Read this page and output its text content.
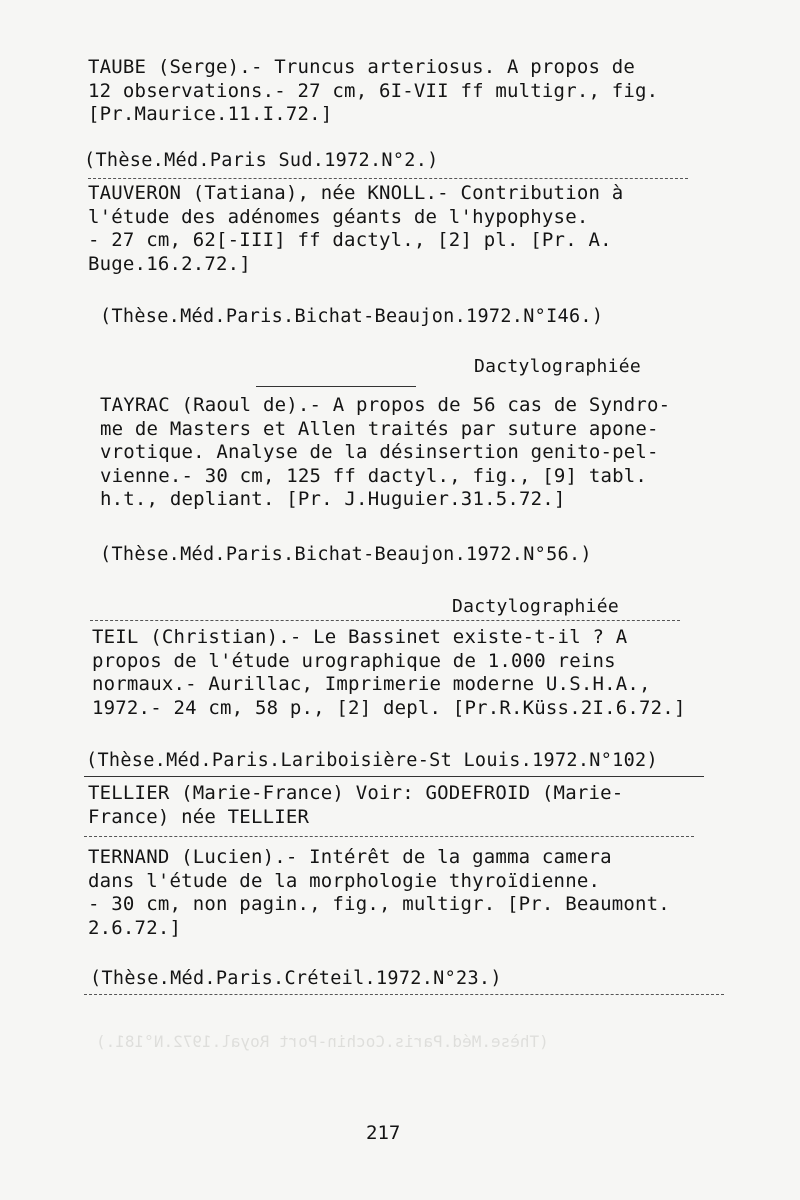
(Thèse.Méd.Paris.Cochin-Port Royal.1972.N°181.)
TAUBE (Serge).- Truncus arteriosus. A propos de
12 observations.- 27 cm, 6I-VII ff multigr., fig.
[Pr.Maurice.11.I.72.]
(Thèse.Méd.Paris Sud.1972.N°2.)
TAUVERON (Tatiana), née KNOLL.- Contribution à
l'étude des adénomes géants de l'hypophyse.
- 27 cm, 62[-III] ff dactyl., [2] pl. [Pr. A.
Buge.16.2.72.]
(Thèse.Méd.Paris.Bichat-Beaujon.1972.N°I46.)
Dactylographiée
TAYRAC (Raoul de).- A propos de 56 cas de Syndro-
me de Masters et Allen traités par suture apone-
vrotique. Analyse de la désinsertion genito-pel-
vienne.- 30 cm, 125 ff dactyl., fig., [9] tabl.
h.t., depliant. [Pr. J.Huguier.31.5.72.]
(Thèse.Méd.Paris.Bichat-Beaujon.1972.N°56.)
Dactylographiée
TEIL (Christian).- Le Bassinet existe-t-il ? A
propos de l'étude urographique de 1.000 reins
normaux.- Aurillac, Imprimerie moderne U.S.H.A.,
1972.- 24 cm, 58 p., [2] depl. [Pr.R.Küss.2I.6.72.]
(Thèse.Méd.Paris.Lariboisière-St Louis.1972.N°102)
TELLIER (Marie-France) Voir: GODEFROID (Marie-
France) née TELLIER
TERNAND (Lucien).- Intérêt de la gamma camera
dans l'étude de la morphologie thyroïdienne.
- 30 cm, non pagin., fig., multigr. [Pr. Beaumont.
2.6.72.]
(Thèse.Méd.Paris.Créteil.1972.N°23.)
217
